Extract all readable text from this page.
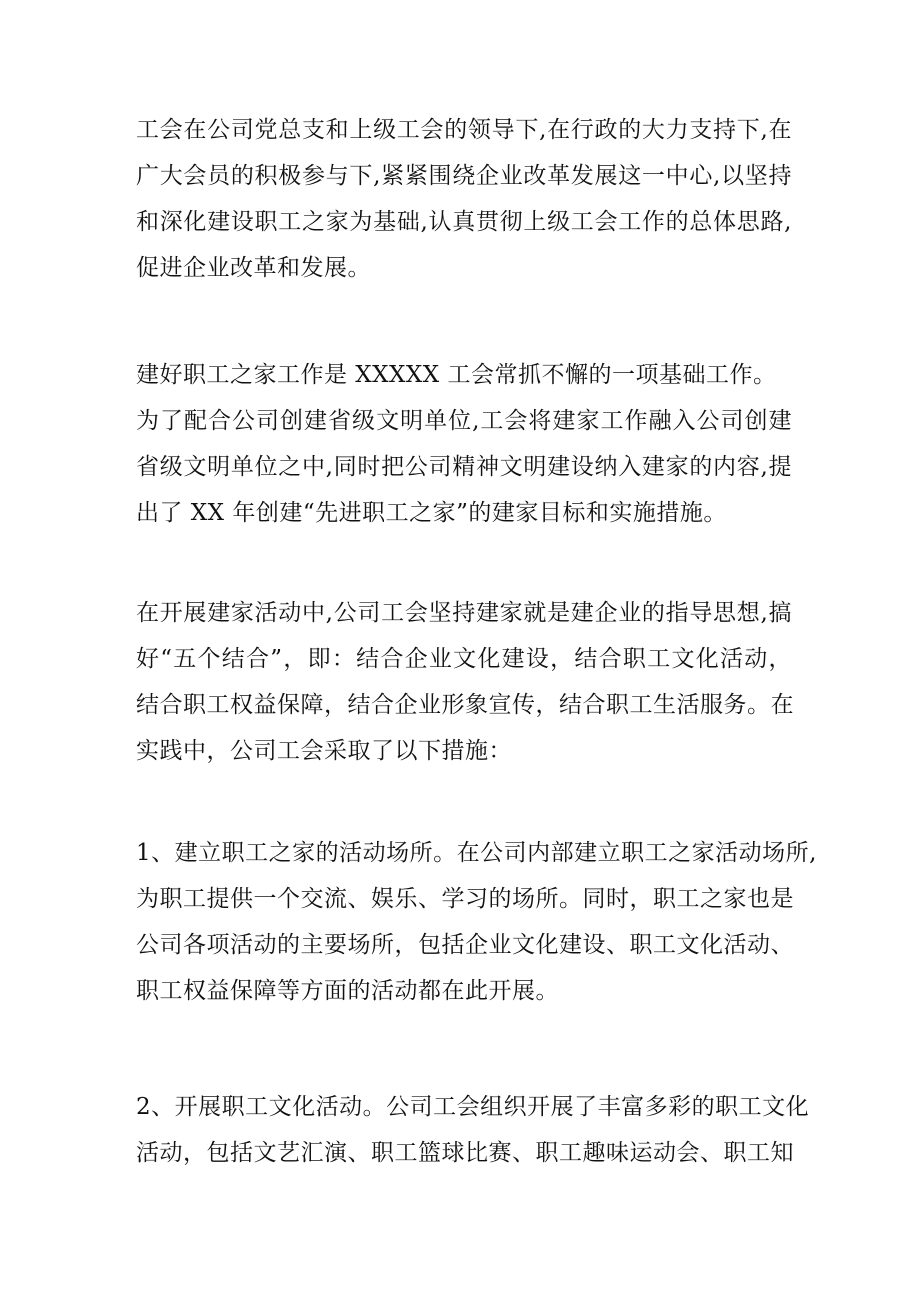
工会在公司党总支和上级工会的领导下,在行政的大力支持下,在
广大会员的积极参与下,紧紧围绕企业改革发展这一中心,以坚持
和深化建设职工之家为基础,认真贯彻上级工会工作的总体思路,
促进企业改革和发展。
建好职工之家工作是 XXXXX 工会常抓不懈的一项基础工作。
为了配合公司创建省级文明单位,工会将建家工作融入公司创建
省级文明单位之中,同时把公司精神文明建设纳入建家的内容,提
出了 XX 年创建“先进职工之家”的建家目标和实施措施。
在开展建家活动中,公司工会坚持建家就是建企业的指导思想,搞
好“五个结合”，即：结合企业文化建设，结合职工文化活动，
结合职工权益保障，结合企业形象宣传，结合职工生活服务。在
实践中，公司工会采取了以下措施：
1、建立职工之家的活动场所。在公司内部建立职工之家活动场所,
为职工提供一个交流、娱乐、学习的场所。同时，职工之家也是
公司各项活动的主要场所，包括企业文化建设、职工文化活动、
职工权益保障等方面的活动都在此开展。
2、开展职工文化活动。公司工会组织开展了丰富多彩的职工文化
活动，包括文艺汇演、职工篮球比赛、职工趣味运动会、职工知
